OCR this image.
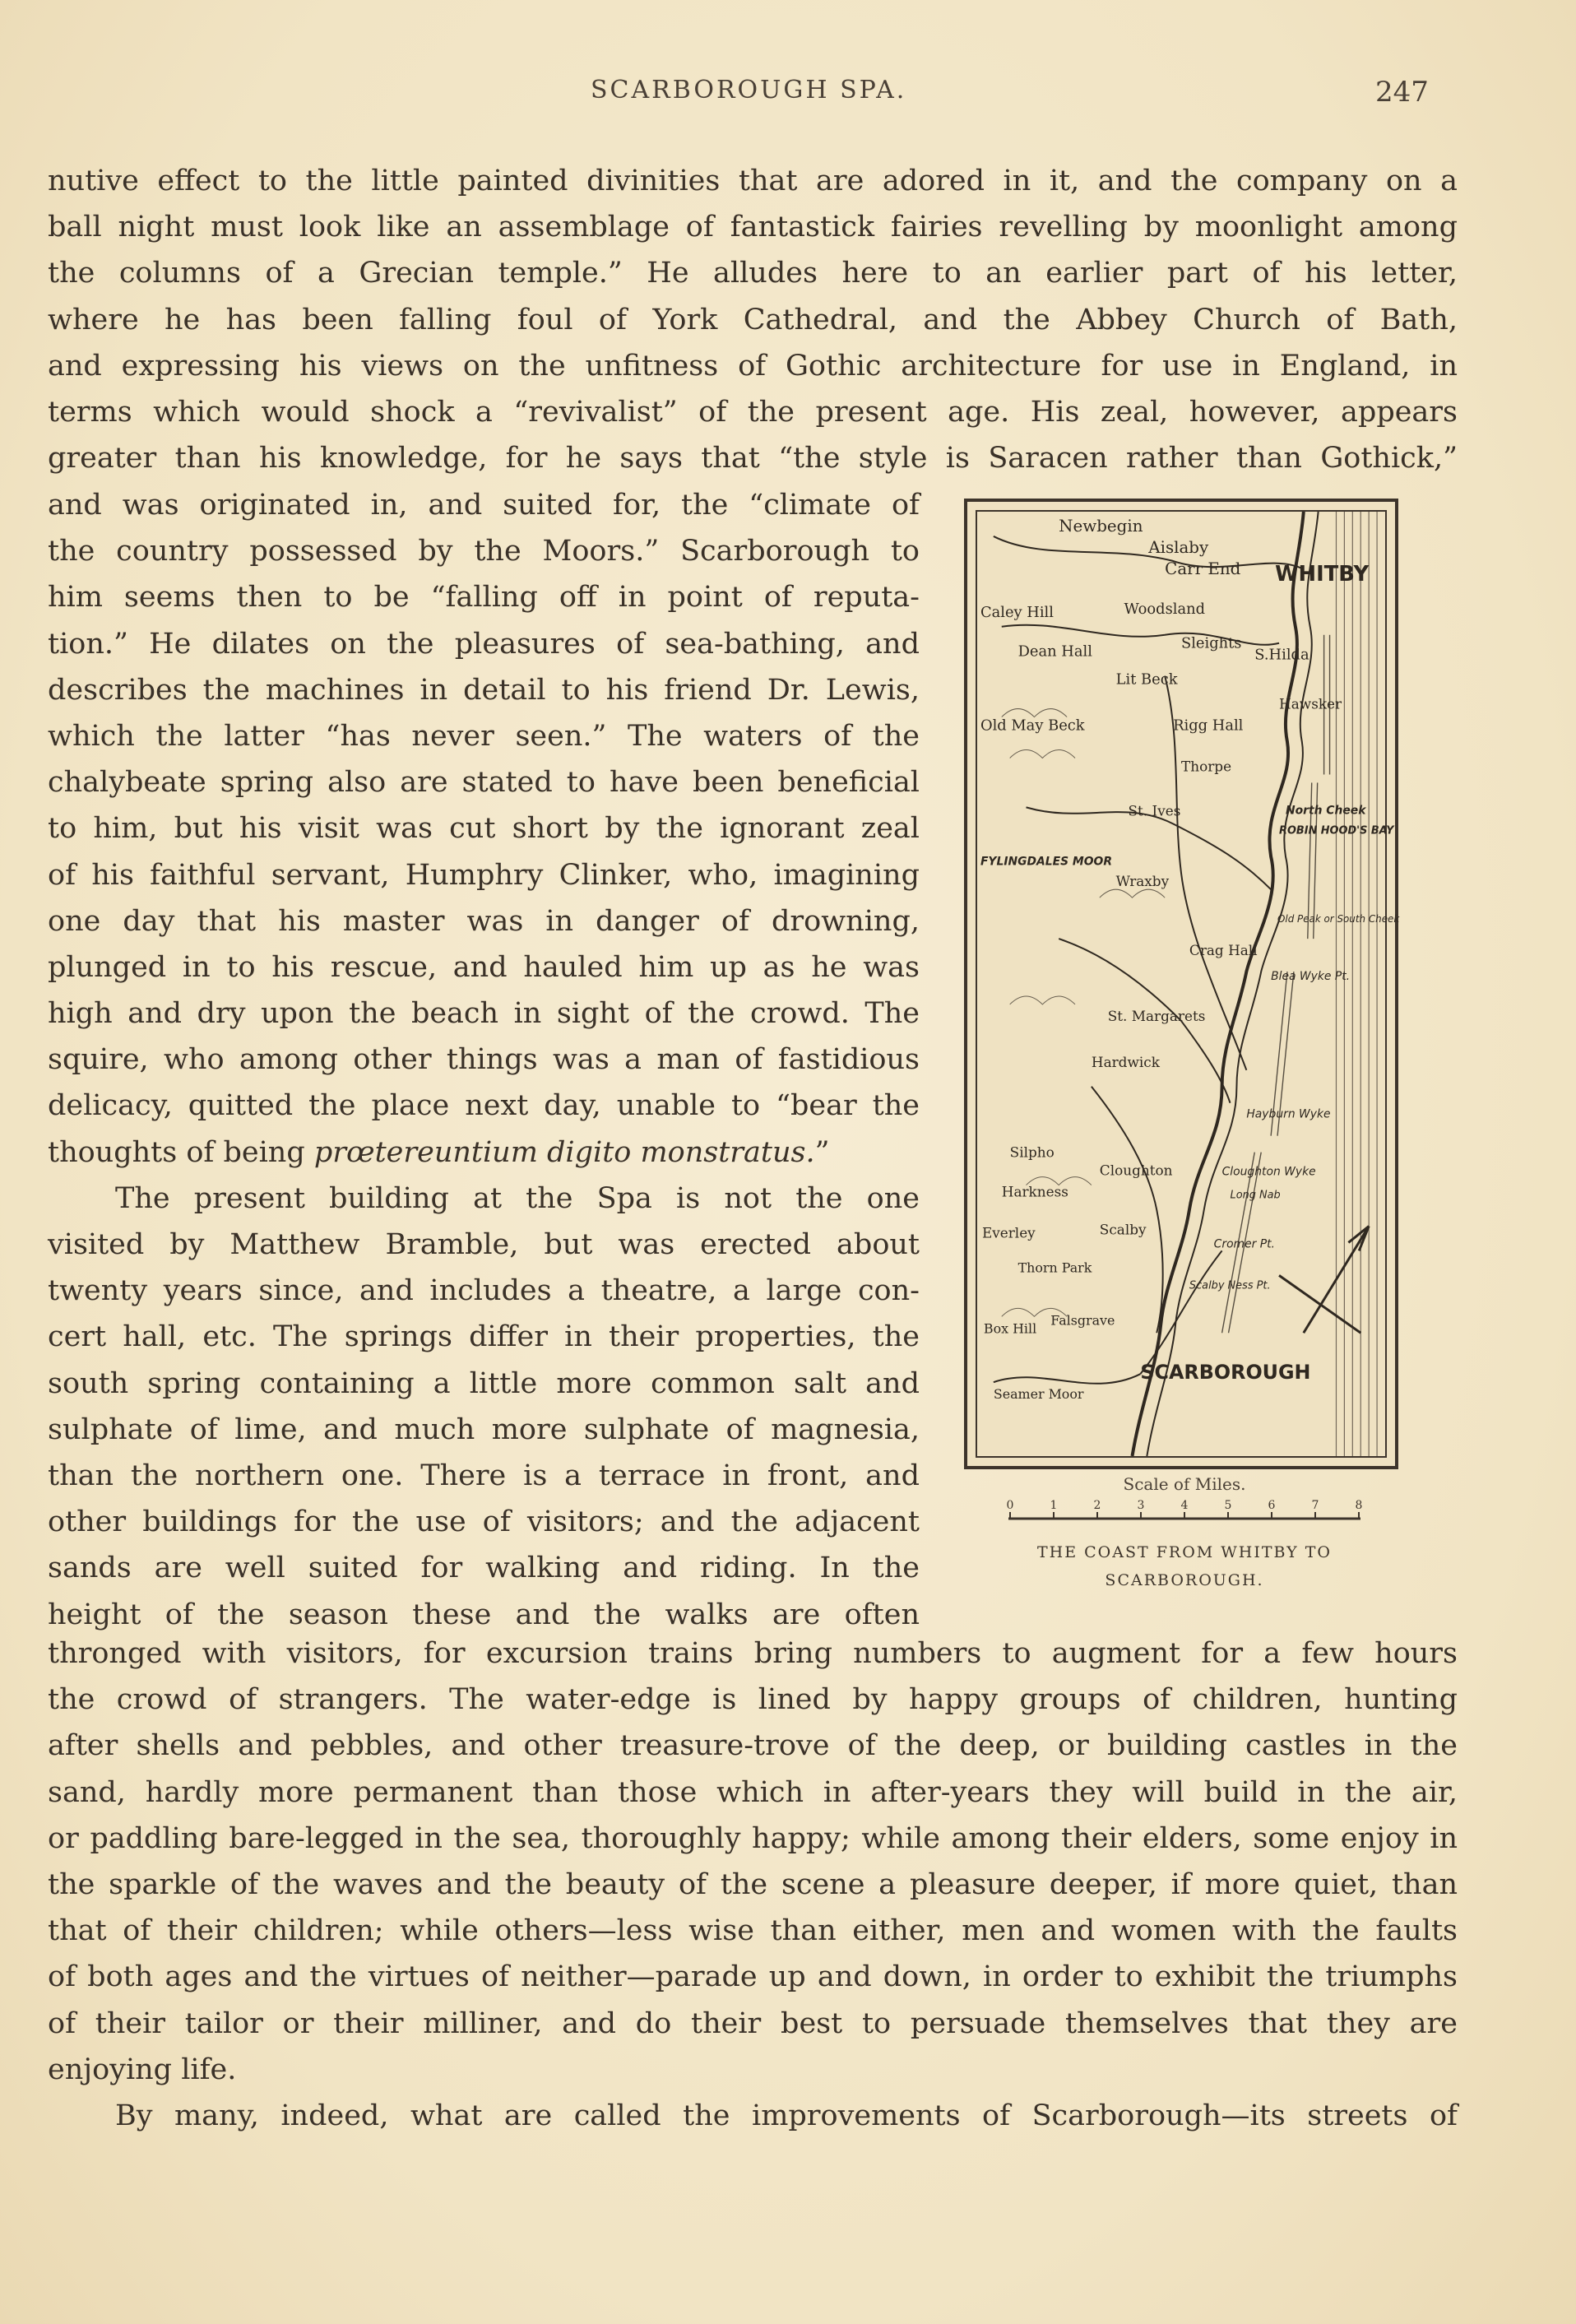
SCARBOROUGH SPA.	247
nutive effect to the little painted divinities that are adored in it, and the company on a
ball night must look like an assemblage of fantastick fairies revelling by moonlight among
the columns of a Grecian temple.” He alludes here to an earlier part of his letter,
where he has been falling foul of York Cathedral, and the Abbey Church of Bath,
and expressing his views on the unfitness of Gothic architecture for use in England, in
terms which would shock a “revivalist” of the present age. His zeal, however, appears
greater than his knowledge, for he says that “the style is Saracen rather than Gothick,”
and was originated in, and suited for, the “climate of
the country possessed by the Moors.” Scarborough to
him seems then to be “falling off in point of reputa-
tion.” He dilates on the pleasures of sea-bathing, and
describes the machines in detail to his friend Dr. Lewis,
which the latter “has never seen.” The waters of the
chalybeate spring also are stated to have been beneficial
to him, but his visit was cut short by the ignorant zeal
of his faithful servant, Humphry Clinker, who, imagining
one day that his master was in danger of drowning,
plunged in to his rescue, and hauled him up as he was
high and dry upon the beach in sight of the crowd. The
squire, who among other things was a man of fastidious
delicacy, quitted the place next day, unable to “bear the
thoughts of being prœtereuntium digito monstratus.”
The present building at the Spa is not the one
visited by Matthew Bramble, but was erected about
twenty years since, and includes a theatre, a large con-
cert hall, etc. The springs differ in their properties, the
south spring containing a little more common salt and
sulphate of lime, and much more sulphate of magnesia,
than the northern one. There is a terrace in front, and
other buildings for the use of visitors; and the adjacent
sands are well suited for walking and riding. In the
height of the season these and the walks are often
Newbegin
Aislaby
Carr End WHITBY
Caley Hill	Woodsland
Dean Hall	Sleights
S.Hilda
Lit Beck
Old May Beck	Rigg Hall
Hawsker
Thorpe
St. Ives	North Cheek
ROBIN HOOD'S BAY
FYLINGDALES MOOR
Wraxby
Old Peak or South Cheek
Crag Hall
Blea Wyke Pt.
St. Margarets
Hardwick
Hayburn Wyke
Silpho
Cloughton	Cloughton Wyke
Harkness	Long Nab
Everley	Scalby
Cromer Pt.
Thorn Park
Scalby Ness Pt.
Falsgrave
Box Hill
SCARBOROUGH
Seamer Moor
Scale of Miles.
0	1	2	3	4	5	6	7	8
THE COAST FROM WHITBY TO
SCARBOROUGH.
thronged with visitors, for excursion trains bring numbers to augment for a few hours
the crowd of strangers. The water-edge is lined by happy groups of children, hunting
after shells and pebbles, and other treasure-trove of the deep, or building castles in the
sand, hardly more permanent than those which in after-years they will build in the air,
or paddling bare-legged in the sea, thoroughly happy; while among their elders, some enjoy in
the sparkle of the waves and the beauty of the scene a pleasure deeper, if more quiet, than
that of their children; while others—less wise than either, men and women with the faults
of both ages and the virtues of neither—parade up and down, in order to exhibit the triumphs
of their tailor or their milliner, and do their best to persuade themselves that they are
enjoying life.
By many, indeed, what are called the improvements of Scarborough—its streets of
